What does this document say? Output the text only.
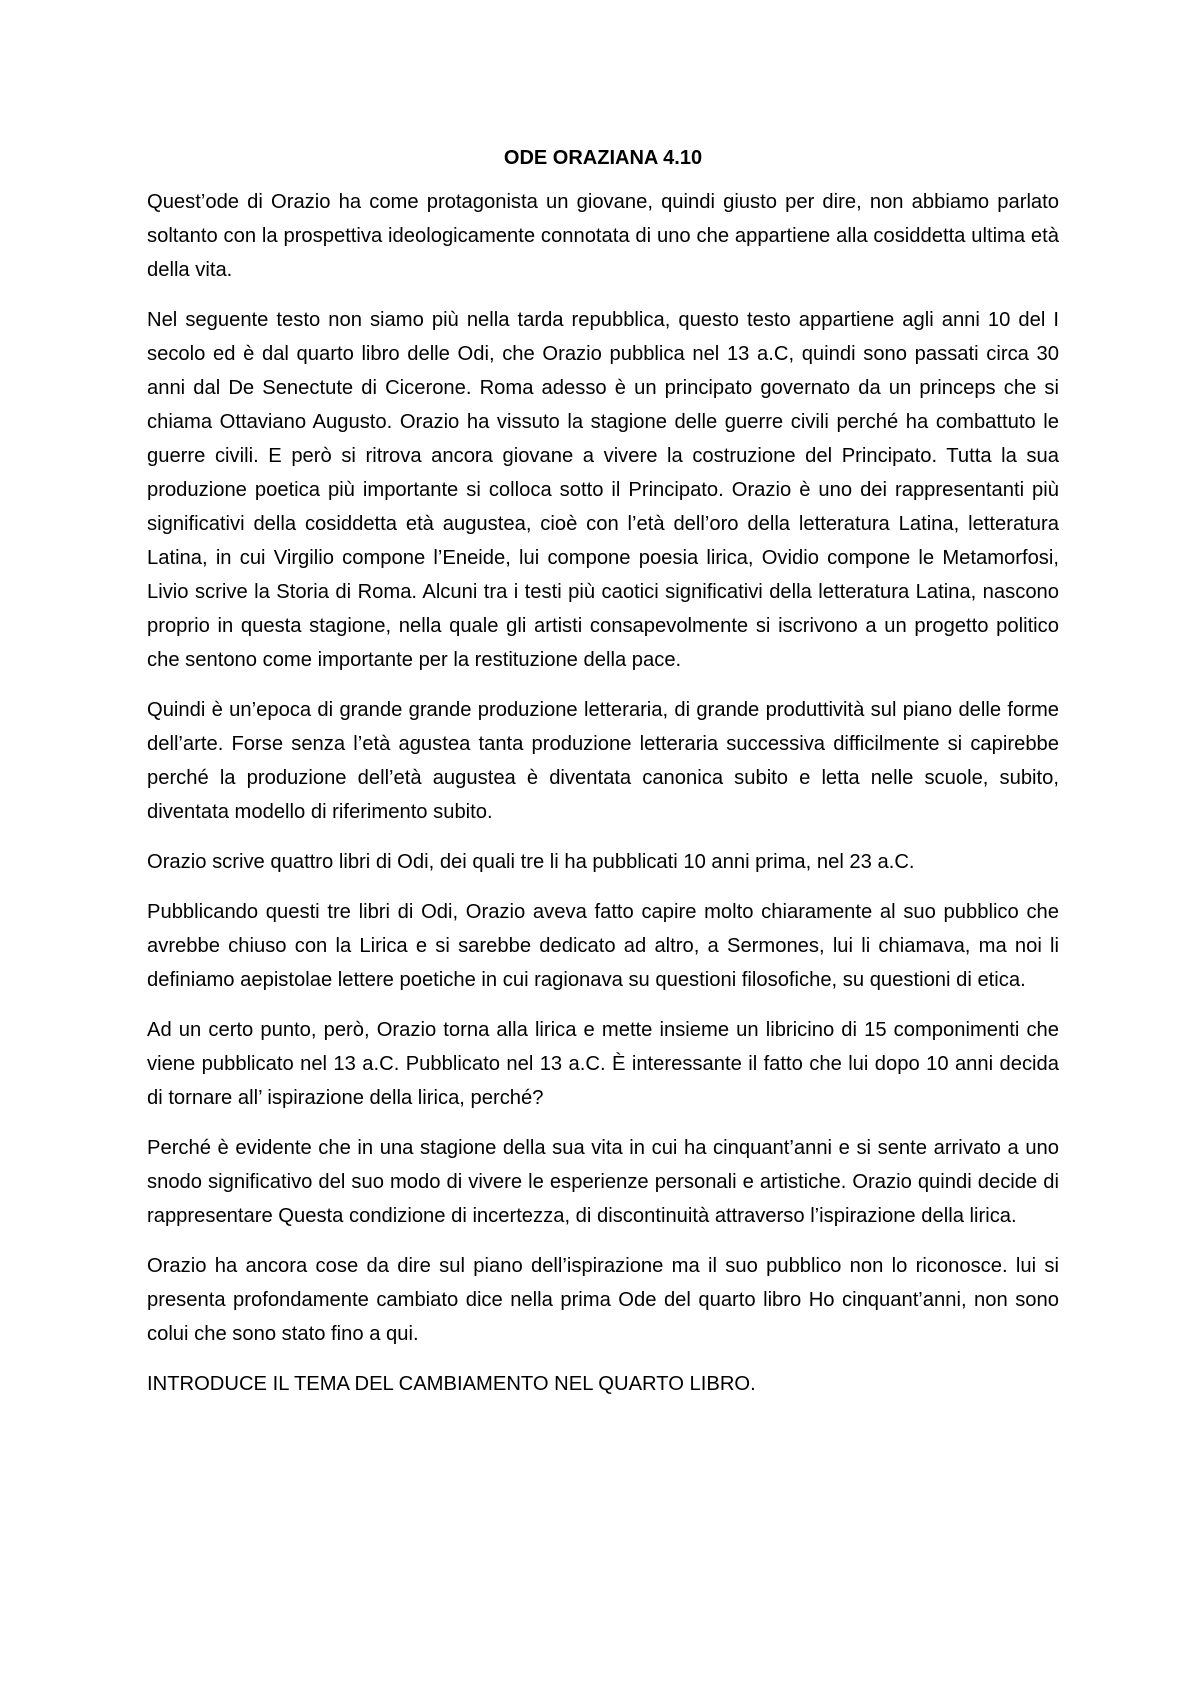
ODE ORAZIANA 4.10

Quest’ode di Orazio ha come protagonista un giovane, quindi giusto per dire, non abbiamo parlato soltanto con la prospettiva ideologicamente connotata di uno che appartiene alla cosiddetta ultima età della vita.

Nel seguente testo non siamo più nella tarda repubblica, questo testo appartiene agli anni 10 del I secolo ed è dal quarto libro delle Odi, che Orazio pubblica nel 13 a.C, quindi sono passati circa 30 anni dal De Senectute di Cicerone. Roma adesso è un principato governato da un princeps che si chiama Ottaviano Augusto. Orazio ha vissuto la stagione delle guerre civili perché ha combattuto le guerre civili. E però si ritrova ancora giovane a vivere la costruzione del Principato. Tutta la sua produzione poetica più importante si colloca sotto il Principato. Orazio è uno dei rappresentanti più significativi della cosiddetta età augustea, cioè con l’età dell’oro della letteratura Latina, letteratura Latina, in cui Virgilio compone l’Eneide, lui compone poesia lirica, Ovidio compone le Metamorfosi, Livio scrive la Storia di Roma. Alcuni tra i testi più caotici significativi della letteratura Latina, nascono proprio in questa stagione, nella quale gli artisti consapevolmente si iscrivono a un progetto politico che sentono come importante per la restituzione della pace.

Quindi è un’epoca di grande grande produzione letteraria, di grande produttività sul piano delle forme dell’arte. Forse senza l’età agustea tanta produzione letteraria successiva difficilmente si capirebbe perché la produzione dell’età augustea è diventata canonica subito e letta nelle scuole, subito, diventata modello di riferimento subito.

Orazio scrive quattro libri di Odi, dei quali tre li ha pubblicati 10 anni prima, nel 23 a.C.

Pubblicando questi tre libri di Odi, Orazio aveva fatto capire molto chiaramente al suo pubblico che avrebbe chiuso con la Lirica e si sarebbe dedicato ad altro, a Sermones, lui li chiamava, ma noi li definiamo aepistolae lettere poetiche in cui ragionava su questioni filosofiche, su questioni di etica.

Ad un certo punto, però, Orazio torna alla lirica e mette insieme un libricino di 15 componimenti che viene pubblicato nel 13 a.C. Pubblicato nel 13 a.C. È interessante il fatto che lui dopo 10 anni decida di tornare all’ ispirazione della lirica, perché?

Perché è evidente che in una stagione della sua vita in cui ha cinquant’anni e si sente arrivato a uno snodo significativo del suo modo di vivere le esperienze personali e artistiche. Orazio quindi decide di rappresentare Questa condizione di incertezza, di discontinuità attraverso l’ispirazione della lirica.

Orazio ha ancora cose da dire sul piano dell’ispirazione ma il suo pubblico non lo riconosce. lui si presenta profondamente cambiato dice nella prima Ode del quarto libro Ho cinquant’anni, non sono colui che sono stato fino a qui.

INTRODUCE IL TEMA DEL CAMBIAMENTO NEL QUARTO LIBRO.
